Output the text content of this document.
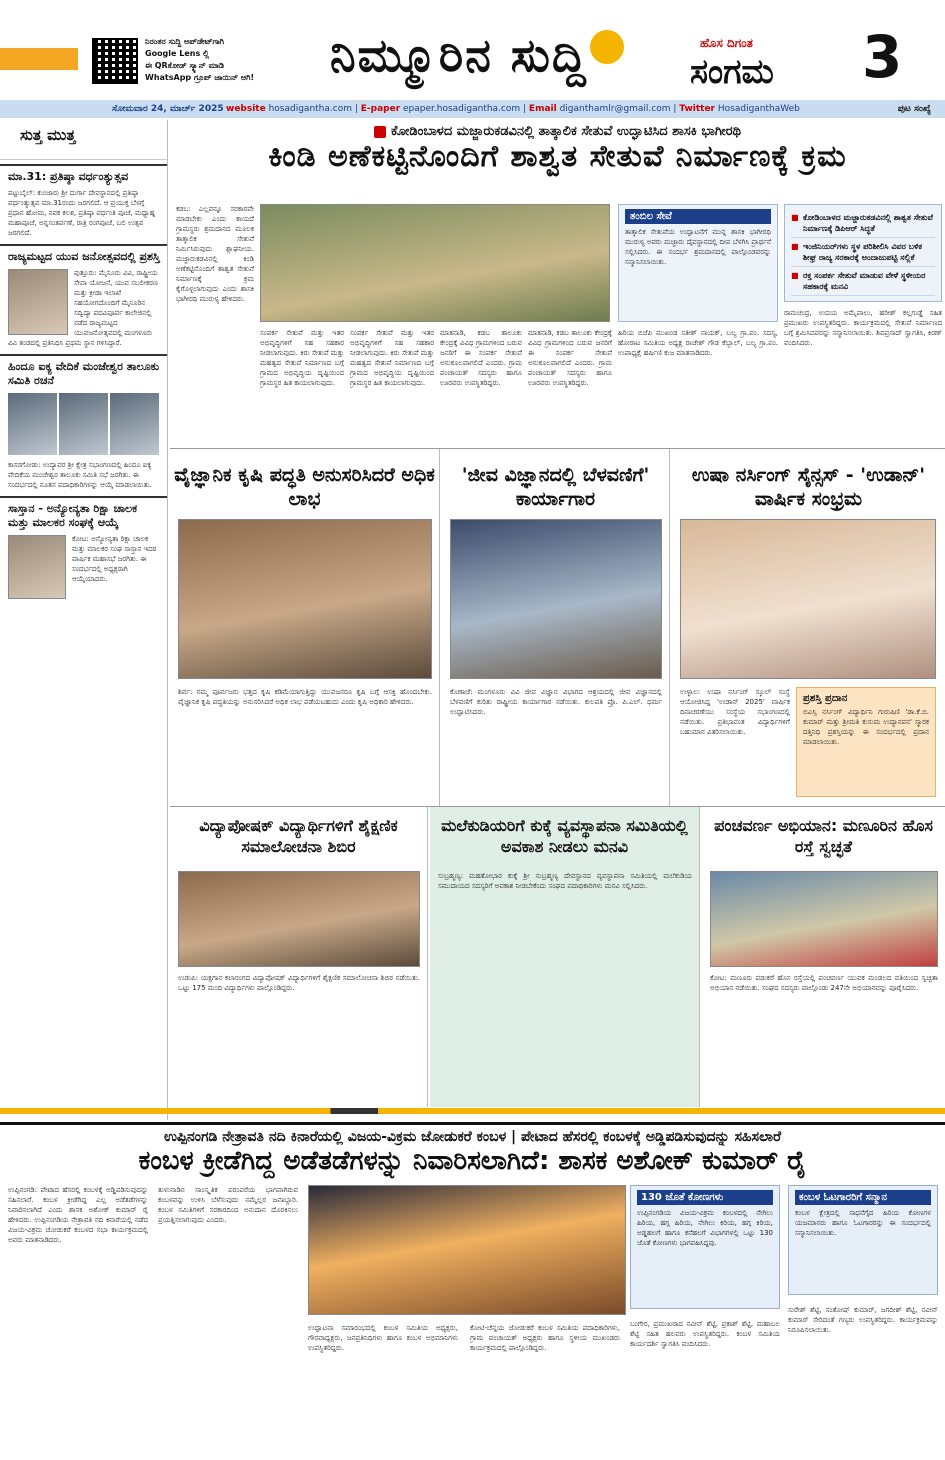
ನಿರಂತರ ಸುದ್ದಿ ಅಪ್‌ಡೇಟ್‌ಗಾಗಿ
Google Lens ಲ್ಲಿ
ಈ QRಕೋಡ್ ಸ್ಕ್ಯಾನ್ ಮಾಡಿ
WhatsApp ಗ್ರೂಪ್ ಜಾಯಿನ್ ಆಗಿ!	ನಿಮ್ಮೂರಿನ ಸುದ್ದಿ	ಹೊಸ ದಿಗಂತ
ಸಂಗಮ 3
ಸೋಮವಾರ 24, ಮಾರ್ಚ್ 2025 website hosadigantha.com | E-paper epaper.hosadigantha.com | Email diganthamlr@gmail.com | Twitter HosadiganthaWeb	ಪುಟ ಸಂಖ್ಯೆ
ಸುತ್ತ ಮುತ್ತ
ಮಾ.31: ಪ್ರತಿಷ್ಠಾ ವರ್ಧಂತ್ಯುತ್ಸವ
ಪಟ್ಟುಬೈಲ್: ಕುಂಜಾರು ಶ್ರೀ ದುರ್ಗಾ ದೇವಸ್ಥಾನದಲ್ಲಿ ಪ್ರತಿಷ್ಠಾ ವರ್ಧಂತ್ಯುತ್ಸವ ಮಾ.31ರಂದು ಜರಗಲಿದೆ. ಆ ಪ್ರಯುಕ್ತ ಬೆಳಗ್ಗೆ ಪ್ರಧಾನ ಹೋಮ, ನವಕ ಕಲಶ, ಪ್ರತಿಷ್ಠಾ ವರ್ಧಂತಿ ಪೂಜೆ, ಮಧ್ಯಾಹ್ನ ಮಹಾಪೂಜೆ, ಅನ್ನಸಂತರ್ಪಣೆ, ರಾತ್ರಿ ರಂಗಪೂಜೆ, ಬಲಿ ಉತ್ಸವ ಜರಗಲಿದೆ.
ರಾಜ್ಯಮಟ್ಟದ ಯುವ ಜನೋತ್ಸವದಲ್ಲಿ ಪ್ರಶಸ್ತಿ
ಪುತ್ತೂರು: ಮೈಸೂರು ವಿವಿ, ರಾಷ್ಟ್ರೀಯ ಸೇವಾ ಯೋಜನೆ, ಯುವ ಸಬಲೀಕರಣ ಮತ್ತು ಕ್ರೀಡಾ ಇಲಾಖೆ ಸಹಯೋಗದೊಂದಿಗೆ ಮೈಸೂರಿನ ಸದ್ವಿದ್ಯಾ ಪದವಿಪೂರ್ವ ಕಾಲೇಜಿನಲ್ಲಿ ನಡೆದ ರಾಜ್ಯಮಟ್ಟದ ಯುವಜನೋತ್ಸವದಲ್ಲಿ ಮಂಗಳೂರು ವಿವಿ ತಂಡದಲ್ಲಿ ಪ್ರತಿನಿಧಿಸಿ ಪ್ರಥಮ ಸ್ಥಾನ ಗಳಿಸಿದ್ದಾರೆ.
ಹಿಂದೂ ಐಕ್ಯ ವೇದಿಕೆ ಮಂಜೇಶ್ವರ ತಾಲೂಕು ಸಮಿತಿ ರಚನೆ
ಕಾಸರಗೋಡು: ಉದ್ಯಾವರ ಶ್ರೀ ಕ್ಷೇತ್ರ ಸಭಾಂಗಣದಲ್ಲಿ ಹಿಂದೂ ಐಕ್ಯ ವೇದಿಕೆಯ ಮಂಜೇಶ್ವರ ತಾಲೂಕು ಸಮಿತಿ ಸಭೆ ಜರಗಿತು. ಈ ಸಂದರ್ಭದಲ್ಲಿ ನೂತನ ಪದಾಧಿಕಾರಿಗಳನ್ನು ಆಯ್ಕೆ ಮಾಡಲಾಯಿತು.
ಸಾಸ್ತಾನ - ಅನ್ಯೋನ್ಯತಾ ರಿಕ್ಷಾ ಚಾಲಕ ಮತ್ತು ಮಾಲಕರ ಸಂಘಕ್ಕೆ ಆಯ್ಕೆ
ಕೋಟ: ಅನ್ಯೋನ್ಯತಾ ರಿಕ್ಷಾ ಚಾಲಕ ಮತ್ತು ಮಾಲಕರ ಸಂಘ ಸಾಸ್ತಾನ ಇದರ ವಾರ್ಷಿಕ ಮಹಾಸಭೆ ಜರಗಿತು. ಈ ಸಂದರ್ಭದಲ್ಲಿ ಅಧ್ಯಕ್ಷರಾಗಿ ಆಯ್ಕೆಯಾದರು.
ಕೋಡಿಂಬಾಳದ ಮಜ್ಜಾರುಕಡವಿನಲ್ಲಿ ತಾತ್ಕಾಲಿಕ ಸೇತುವೆ ಉದ್ಘಾಟಿಸಿದ ಶಾಸಕಿ ಭಾಗೀರಥಿ
ಕಿಂಡಿ ಅಣೆಕಟ್ಟಿನೊಂದಿಗೆ ಶಾಶ್ವತ ಸೇತುವೆ ನಿರ್ಮಾಣಕ್ಕೆ ಕ್ರಮ
ಕಡಬ: ಎಲ್ಲವನ್ನೂ ಸರಕಾರವೇ ಮಾಡಬೇಕು ಎಂದು ಕಾಯದೆ ಗ್ರಾಮಸ್ಥರು ಶ್ರಮದಾನದ ಮೂಲಕ ತಾತ್ಕಾಲಿಕ ಸೇತುವೆ ನಿರ್ಮಿಸಿರುವುದು ಶ್ಲಾಘನೀಯ. ಮಜ್ಜಾರುಕಡವಿನಲ್ಲಿ ಕಿಂಡಿ ಅಣೆಕಟ್ಟಿನೊಂದಿಗೆ ಶಾಶ್ವತ ಸೇತುವೆ ನಿರ್ಮಾಣಕ್ಕೆ ಕ್ರಮ ಕೈಗೊಳ್ಳಲಾಗುವುದು ಎಂದು ಶಾಸಕಿ ಭಾಗೀರಥಿ ಮುರುಳ್ಯ ಹೇಳಿದರು.
ಸಂಪರ್ಕ ಸೇತುವೆ ಮತ್ತು ಇತರ ಅಭಿವೃದ್ಧಿಗಳಿಗೆ ಸಹ ಸಹಕಾರ ನೀಡಲಾಗುವುದು. ಕಿರು ಸೇತುವೆ ಮತ್ತು ಮಹತ್ವದ ಸೇತುವೆ ನಿರ್ಮಾಣದ ಬಗ್ಗೆ ಗ್ರಾಮದ ಅಭಿವೃದ್ಧಿಯ ದೃಷ್ಟಿಯಿಂದ ಗ್ರಾಮಸ್ಥರ ಹಿತ ಕಾಯಲಾಗುವುದು.
ಸಂಪರ್ಕ ಸೇತುವೆ ಮತ್ತು ಇತರ ಅಭಿವೃದ್ಧಿಗಳಿಗೆ ಸಹ ಸಹಕಾರ ನೀಡಲಾಗುವುದು. ಕಿರು ಸೇತುವೆ ಮತ್ತು ಮಹತ್ವದ ಸೇತುವೆ ನಿರ್ಮಾಣದ ಬಗ್ಗೆ ಗ್ರಾಮದ ಅಭಿವೃದ್ಧಿಯ ದೃಷ್ಟಿಯಿಂದ ಗ್ರಾಮಸ್ಥರ ಹಿತ ಕಾಯಲಾಗುವುದು.
ಮಾತನಾಡಿ, ಕಡಬ ತಾಲೂಕು ಕೇಂದ್ರಕ್ಕೆ ವಿವಿಧ ಗ್ರಾಮಗಳಿಂದ ಬರುವ ಜನರಿಗೆ ಈ ಸಂಪರ್ಕ ಸೇತುವೆ ಅನುಕೂಲವಾಗಲಿದೆ ಎಂದರು. ಗ್ರಾಮ ಪಂಚಾಯತ್ ಸದಸ್ಯರು ಹಾಗೂ ಊರವರು ಉಪಸ್ಥಿತರಿದ್ದರು.
ಮಾತನಾಡಿ, ಕಡಬ ತಾಲೂಕು ಕೇಂದ್ರಕ್ಕೆ ವಿವಿಧ ಗ್ರಾಮಗಳಿಂದ ಬರುವ ಜನರಿಗೆ ಈ ಸಂಪರ್ಕ ಸೇತುವೆ ಅನುಕೂಲವಾಗಲಿದೆ ಎಂದರು. ಗ್ರಾಮ ಪಂಚಾಯತ್ ಸದಸ್ಯರು ಹಾಗೂ ಊರವರು ಉಪಸ್ಥಿತರಿದ್ದರು.
ತಂಬಿಲ ಸೇವೆ
ತಾತ್ಕಾಲಿಕ ಸೇತುವೆಯ ಉದ್ಘಾಟನೆಗೆ ಮುನ್ನ ಶಾಸಕಿ ಭಾಗೀರಥಿ ಮುರುಳ್ಯ ಅವರು ಮಜ್ಜಾರು ದೈವಸ್ಥಾನದಲ್ಲಿ ದೀಪ ಬೆಳಗಿಸಿ ಪ್ರಾರ್ಥನೆ ಸಲ್ಲಿಸಿದರು. ಈ ಸಂದರ್ಭ ಶ್ರಮದಾನದಲ್ಲಿ ಪಾಲ್ಗೊಂಡವರನ್ನು ಸನ್ಮಾನಿಸಲಾಯಿತು.
ಹಿರಿಯ ಬಿಜೆಪಿ ಮುಖಂಡ ಸತೀಶ್ ನಾಯಕ್, ಬಲ್ಯ ಗ್ರಾ.ಪಂ. ಸದಸ್ಯ, ಹೋರಾಟ ಸಮಿತಿಯ ಅಧ್ಯಕ್ಷ ರಾಜೇಶ್ ಗೌಡ ಕೆಬ್ಬಾಲ್, ಬಲ್ಯ ಗ್ರಾ.ಪಂ. ಉಪಾಧ್ಯಕ್ಷೆ ಹರ್ಷಿಣಿ ಕುಜ ಮಾತನಾಡಿದರು.
■ ಕೋಡಿಂಬಾಳದ ಮಜ್ಜಾರುಕಡವಿನಲ್ಲಿ ಶಾಶ್ವತ ಸೇತುವೆ ನಿರ್ಮಾಣಕ್ಕೆ ಡಿಪಿಆರ್ ಸಿದ್ಧತೆ
■ ಇಂಜಿನಿಯರ್‌ಗಳು ಸ್ಥಳ ಪರಿಶೀಲಿಸಿ ವಿವರ ಬಳಿಕ ಶೀಘ್ರ ರಾಜ್ಯ ಸರಕಾರಕ್ಕೆ ಅಂದಾಜುಪಟ್ಟಿ ಸಲ್ಲಿಕೆ
■ ರಕ್ತ ಸಂಪರ್ಕ ಸೇತುವೆ ಮಾಡುವ ವೇಳೆ ಸ್ಥಳೀಯರ ಸಹಕಾರಕ್ಕೆ ಮನವಿ
ರಾಮಚಂದ್ರ, ಉದಯ ಅಮೈಪಾಲು, ಹರೀಶ್ ಕಲ್ಲಗುಡ್ಡೆ ಸಹಿತ ಪ್ರಮುಖರು ಉಪಸ್ಥಿತರಿದ್ದರು. ಕಾರ್ಯಕ್ರಮದಲ್ಲಿ ಸೇತುವೆ ನಿರ್ಮಾಣದ ಬಗ್ಗೆ ಶ್ರಮಿಸಿದವರನ್ನು ಸನ್ಮಾನಿಸಲಾಯಿತು. ಶಿವಪ್ರಸಾದ್ ಸ್ವಾಗತಿಸಿ, ಕಿರಣ್ ವಂದಿಸಿದರು.
ವೈಜ್ಞಾನಿಕ ಕೃಷಿ ಪದ್ಧತಿ ಅನುಸರಿಸಿದರೆ ಅಧಿಕ ಲಾಭ
ಶಿರ್ವ: ನಮ್ಮ ಪೂರ್ವಜರು ಭತ್ತದ ಕೃಷಿ ಕಡಿಮೆಯಾಗುತ್ತಿದ್ದು ಯುವಜನರೂ ಕೃಷಿ ಬಗ್ಗೆ ಆಸಕ್ತಿ ಹೊಂದಬೇಕು. ವೈಜ್ಞಾನಿಕ ಕೃಷಿ ಪದ್ಧತಿಯನ್ನು ಅನುಸರಿಸಿದರೆ ಅಧಿಕ ಲಾಭ ಪಡೆಯಬಹುದು ಎಂದು ಕೃಷಿ ಅಧಿಕಾರಿ ಹೇಳಿದರು.
'ಜೀವ ವಿಜ್ಞಾನದಲ್ಲಿ ಬೆಳವಣಿಗೆ' ಕಾರ್ಯಾಗಾರ
ಕೊಣಾಜೆ: ಮಂಗಳೂರು ವಿವಿ ಜೀವ ವಿಜ್ಞಾನ ವಿಭಾಗದ ಆಶ್ರಯದಲ್ಲಿ ಜೀವ ವಿಜ್ಞಾನದಲ್ಲಿ ಬೆಳವಣಿಗೆ ಕುರಿತು ರಾಷ್ಟ್ರೀಯ ಕಾರ್ಯಾಗಾರ ನಡೆಯಿತು. ಕುಲಪತಿ ಪ್ರೊ. ಪಿ.ಎಲ್. ಧರ್ಮ ಉದ್ಘಾಟಿಸಿದರು.
ಉಷಾ ನರ್ಸಿಂಗ್ ಸೈನ್ಸಸ್ - 'ಉಡಾನ್' ವಾರ್ಷಿಕ ಸಂಭ್ರಮ
ಉಳ್ಳಾಲ: ಉಷಾ ನರ್ಸಿಂಗ್ ಸ್ಕೂಲ್ ಸಂಸ್ಥೆ ಆಯೋಜಿಸಿದ್ದ 'ಉಡಾನ್ 2025' ವಾರ್ಷಿಕ ದಿನಾಚರಣೆಯು ಸಂಸ್ಥೆಯ ಸಭಾಂಗಣದಲ್ಲಿ ನಡೆಯಿತು. ಪ್ರತಿಭಾವಂತ ವಿದ್ಯಾರ್ಥಿಗಳಿಗೆ ಬಹುಮಾನ ವಿತರಿಸಲಾಯಿತು.
ಪ್ರಶಸ್ತಿ ಪ್ರದಾನ
ಬಿಎಸ್ಸಿ ನರ್ಸಿಂಗ್ ವಿದ್ಯಾರ್ಥಿನಿ ಗುರುಷಿಣಿ 'ಡಾ.ಕೆ.ಬಿ. ಕುಮಾರ್ ಮತ್ತು ಶ್ರೀಮತಿ ಕುಸುಮ ಉದ್ಯಾನವನ' ಸ್ಮಾರಕ ದತ್ತಿನಿಧಿ ಪ್ರಶಸ್ತಿಯನ್ನು ಈ ಸಂದರ್ಭದಲ್ಲಿ ಪ್ರದಾನ ಮಾಡಲಾಯಿತು.
ವಿದ್ಯಾಪೋಷಕ್ ವಿದ್ಯಾರ್ಥಿಗಳಿಗೆ ಶೈಕ್ಷಣಿಕ ಸಮಾಲೋಚನಾ ಶಿಬಿರ
ಉಡುಪಿ: ಯಕ್ಷಗಾನ ಕಲಾರಂಗದ ವಿದ್ಯಾಪೋಷಕ್ ವಿದ್ಯಾರ್ಥಿಗಳಿಗೆ ಶೈಕ್ಷಣಿಕ ಸಮಾಲೋಚನಾ ಶಿಬಿರ ನಡೆಯಿತು. ಒಟ್ಟು 175 ಮಂದಿ ವಿದ್ಯಾರ್ಥಿಗಳು ಪಾಲ್ಗೊಂಡಿದ್ದರು.
ಮಲೆಕುಡಿಯರಿಗೆ ಕುಕ್ಕೆ ವ್ಯವಸ್ಥಾಪನಾ ಸಮಿತಿಯಲ್ಲಿ ಅವಕಾಶ ನೀಡಲು ಮನವಿ
ಸುಬ್ರಹ್ಮಣ್ಯ: ಮಹತೋಭಾರ ಕುಕ್ಕೆ ಶ್ರೀ ಸುಬ್ರಹ್ಮಣ್ಯ ದೇವಸ್ಥಾನದ ವ್ಯವಸ್ಥಾಪನಾ ಸಮಿತಿಯಲ್ಲಿ ಮಲೆಕುಡಿಯ ಸಮುದಾಯದ ಸದಸ್ಯರಿಗೆ ಅವಕಾಶ ನೀಡಬೇಕೆಂದು ಸಂಘದ ಪದಾಧಿಕಾರಿಗಳು ಮನವಿ ಸಲ್ಲಿಸಿದರು.
ಪಂಚವರ್ಣ ಅಭಿಯಾನ: ಮಣೂರಿನ ಹೊಸ ರಸ್ತೆ ಸ್ವಚ್ಛತೆ
ಕೋಟ: ಮಣೂರು ಪಡುಕರೆ ಹೊಸ ರಸ್ತೆಯಲ್ಲಿ ಪಂಚವರ್ಣ ಯುವಕ ಮಂಡಲದ ವತಿಯಿಂದ ಸ್ವಚ್ಛತಾ ಅಭಿಯಾನ ನಡೆಯಿತು. ಸಂಘದ ಸದಸ್ಯರು ಪಾಲ್ಗೊಂಡು 247ನೇ ಅಭಿಯಾನವನ್ನು ಪೂರೈಸಿದರು.
ಉಪ್ಪಿನಂಗಡಿ ನೇತ್ರಾವತಿ ನದಿ ಕಿನಾರೆಯಲ್ಲಿ ವಿಜಯ-ವಿಕ್ರಮ ಜೋಡುಕರೆ ಕಂಬಳ | ಪೇಟಾದ ಹೆಸರಲ್ಲಿ ಕಂಬಳಕ್ಕೆ ಅಡ್ಡಿಪಡಿಸುವುದನ್ನು ಸಹಿಸಲಾರೆ
ಕಂಬಳ ಕ್ರೀಡೆಗಿದ್ದ ಅಡೆತಡೆಗಳನ್ನು ನಿವಾರಿಸಲಾಗಿದೆ: ಶಾಸಕ ಅಶೋಕ್ ಕುಮಾರ್ ರೈ
ಉಪ್ಪಿನಂಗಡಿ: ಪೇಟಾದ ಹೆಸರಲ್ಲಿ ಕಂಬಳಕ್ಕೆ ಅಡ್ಡಿಪಡಿಸುವುದನ್ನು ಸಹಿಸಲಾರೆ. ಕಂಬಳ ಕ್ರೀಡೆಗಿದ್ದ ಎಲ್ಲ ಅಡೆತಡೆಗಳನ್ನು ನಿವಾರಿಸಲಾಗಿದೆ ಎಂದು ಶಾಸಕ ಅಶೋಕ್ ಕುಮಾರ್ ರೈ ಹೇಳಿದರು. ಉಪ್ಪಿನಂಗಡಿಯ ನೇತ್ರಾವತಿ ನದಿ ಕಿನಾರೆಯಲ್ಲಿ ನಡೆದ ವಿಜಯ-ವಿಕ್ರಮ ಜೋಡುಕರೆ ಕಂಬಳದ ಸಭಾ ಕಾರ್ಯಕ್ರಮದಲ್ಲಿ ಅವರು ಮಾತನಾಡಿದರು.
ತುಳುನಾಡಿನ ಸಾಂಸ್ಕೃತಿಕ ಪರಂಪರೆಯ ಭಾಗವಾಗಿರುವ ಕಂಬಳವನ್ನು ಉಳಿಸಿ ಬೆಳೆಸುವುದು ನಮ್ಮೆಲ್ಲರ ಜವಾಬ್ದಾರಿ. ಕಂಬಳ ಸಮಿತಿಗಳಿಗೆ ಸರಕಾರದಿಂದ ಅನುದಾನ ದೊರಕಿಸಲು ಪ್ರಯತ್ನಿಸಲಾಗುವುದು ಎಂದರು.
ಉದ್ಘಾಟನಾ ಸಮಾರಂಭದಲ್ಲಿ ಕಂಬಳ ಸಮಿತಿಯ ಅಧ್ಯಕ್ಷರು, ಗೌರವಾಧ್ಯಕ್ಷರು, ಜನಪ್ರತಿನಿಧಿಗಳು ಹಾಗೂ ಕಂಬಳ ಅಭಿಮಾನಿಗಳು ಉಪಸ್ಥಿತರಿದ್ದರು.
ಕೋಟಿ-ಚೆನ್ನಯ ಜೋಡುಕರೆ ಕಂಬಳ ಸಮಿತಿಯ ಪದಾಧಿಕಾರಿಗಳು, ಗ್ರಾಮ ಪಂಚಾಯತ್ ಅಧ್ಯಕ್ಷರು ಹಾಗೂ ಸ್ಥಳೀಯ ಮುಖಂಡರು ಕಾರ್ಯಕ್ರಮದಲ್ಲಿ ಪಾಲ್ಗೊಂಡಿದ್ದರು.
130 ಜೊತೆ ಕೋಣಗಳು
ಉಪ್ಪಿನಂಗಡಿಯ ವಿಜಯ-ವಿಕ್ರಮ ಕಂಬಳದಲ್ಲಿ ನೇಗಿಲು ಹಿರಿಯ, ಹಗ್ಗ ಹಿರಿಯ, ನೇಗಿಲು ಕಿರಿಯ, ಹಗ್ಗ ಕಿರಿಯ, ಅಡ್ಡಹಲಗೆ ಹಾಗೂ ಕನೆಹಲಗೆ ವಿಭಾಗಗಳಲ್ಲಿ ಒಟ್ಟು 130 ಜೊತೆ ಕೋಣಗಳು ಭಾಗವಹಿಸಿದ್ದವು.
ಬಂಗೇರ, ಪ್ರಮುಖರಾದ ನವೀನ್ ಶೆಟ್ಟಿ, ಪ್ರಕಾಶ್ ಶೆಟ್ಟಿ, ಮಹಾಬಲ ಶೆಟ್ಟಿ ಸಹಿತ ಹಲವರು ಉಪಸ್ಥಿತರಿದ್ದರು. ಕಂಬಳ ಸಮಿತಿಯ ಕಾರ್ಯದರ್ಶಿ ಸ್ವಾಗತಿಸಿ ವಂದಿಸಿದರು.
ಕಂಬಳ ಓಟಗಾರರಿಗೆ ಸನ್ಮಾನ
ಕಂಬಳ ಕ್ಷೇತ್ರದಲ್ಲಿ ಸಾಧನೆಗೈದ ಹಿರಿಯ ಕೋಣಗಳ ಯಜಮಾನರು ಹಾಗೂ ಓಟಗಾರರನ್ನು ಈ ಸಂದರ್ಭದಲ್ಲಿ ಸನ್ಮಾನಿಸಲಾಯಿತು.
ಸುರೇಶ್ ಶೆಟ್ಟಿ, ಸಂತೋಷ್ ಕುಮಾರ್, ಜಗದೀಶ್ ಶೆಟ್ಟಿ, ನವೀನ್ ಕುಮಾರ್ ಸೇರಿದಂತೆ ಗಣ್ಯರು ಉಪಸ್ಥಿತರಿದ್ದರು. ಕಾರ್ಯಕ್ರಮವನ್ನು ನಿರೂಪಿಸಲಾಯಿತು.
